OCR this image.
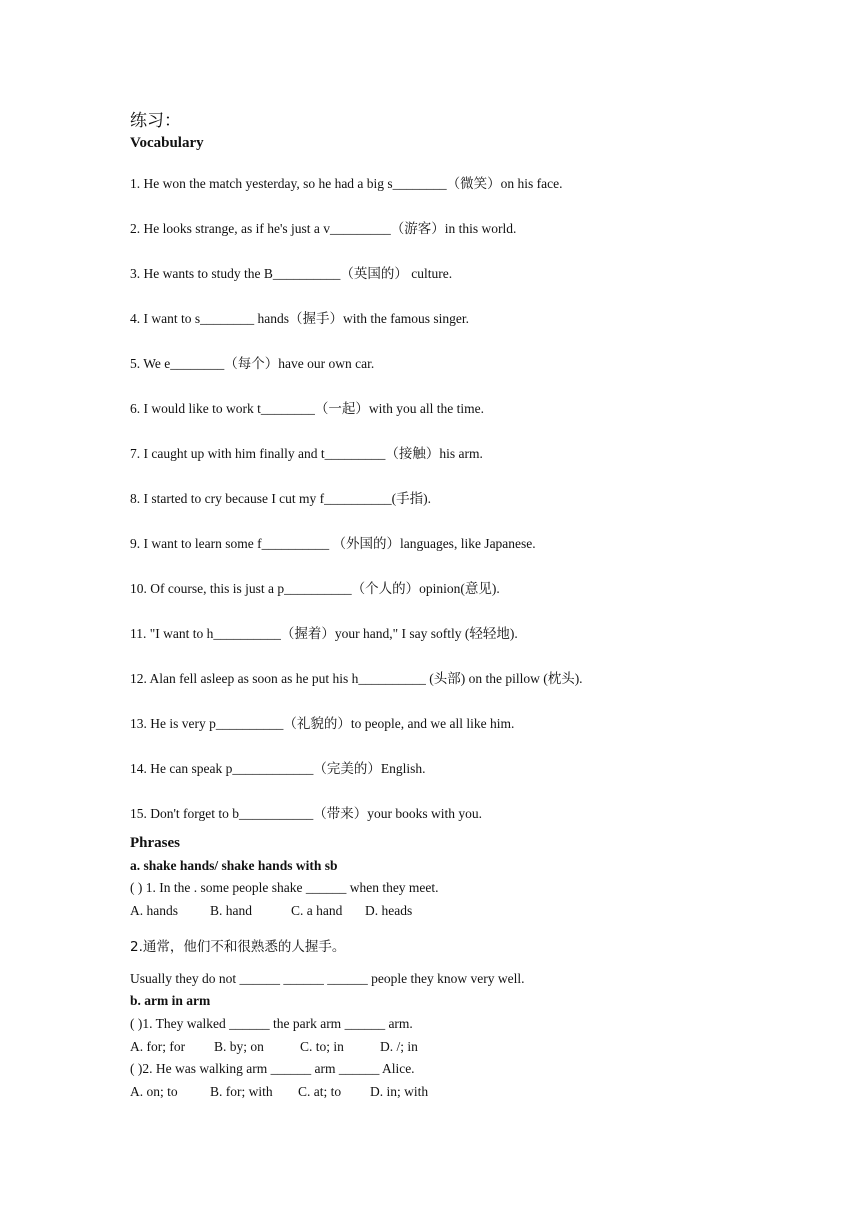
练习：
Vocabulary
1. He won the match yesterday, so he had a big s________（微笑）on his face.
2. He looks strange, as if he's just a v_________（游客）in this world.
3. He wants to study the B__________（英国的） culture.
4. I want to s________ hands（握手）with the famous singer.
5. We e________（每个）have our own car.
6. I would like to work t________（一起）with you all the time.
7. I caught up with him finally and t_________（接触）his arm.
8. I started to cry because I cut my f__________(手指).
9. I want to learn some f__________ （外国的）languages, like Japanese.
10. Of course, this is just a p__________（个人的）opinion(意见).
11. "I want to h__________（握着）your hand," I say softly (轻轻地).
12. Alan fell asleep as soon as he put his h__________ (头部) on the pillow (枕头).
13. He is very p__________（礼貌的）to people, and we all like him.
14. He can speak p____________（完美的）English.
15. Don't forget to b___________（带来）your books with you.
Phrases
a. shake hands/ shake hands with sb
( ) 1. In the . some people shake ______ when they meet.
A. hands B. hand	C. a hand D. heads
2.通常，他们不和很熟悉的人握手。
Usually they do not ______ ______ ______ people they know very well.
b. arm in arm
( )1. They walked ______ the park arm ______ arm.
A. for; for B. by; on	C. to; in	D. /; in
( )2. He was walking arm ______ arm ______ Alice.
A. on; to B. for; with C. at; to D. in; with
